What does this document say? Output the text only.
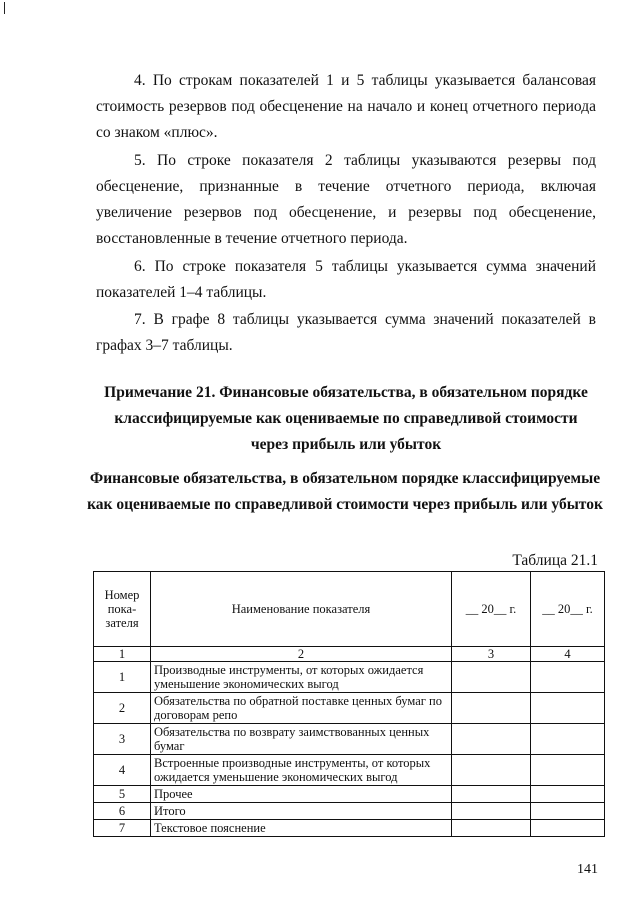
4. По строкам показателей 1 и 5 таблицы указывается балансовая стоимость резервов под обесценение на начало и конец отчетного периода со знаком «плюс».

5. По строке показателя 2 таблицы указываются резервы под обесценение, признанные в течение отчетного периода, включая увеличение резервов под обесценение, и резервы под обесценение, восстановленные в течение отчетного периода.

6. По строке показателя 5 таблицы указывается сумма значений показателей 1–4 таблицы.

7. В графе 8 таблицы указывается сумма значений показателей в графах 3–7 таблицы.

Примечание 21. Финансовые обязательства, в обязательном порядке классифицируемые как оцениваемые по справедливой стоимости через прибыль или убыток

Финансовые обязательства, в обязательном порядке классифицируемые как оцениваемые по справедливой стоимости через прибыль или убыток

Таблица 21.1
Номер пока-зателя	Наименование показателя	__ 20__ г.	__ 20__ г.
1	2	3	4
1	Производные инструменты, от которых ожидается уменьшение экономических выгод		
2	Обязательства по обратной поставке ценных бумаг по договорам репо		
3	Обязательства по возврату заимствованных ценных бумаг		
4	Встроенные производные инструменты, от которых ожидается уменьшение экономических выгод		
5	Прочее		
6	Итого		
7	Текстовое пояснение		
141
